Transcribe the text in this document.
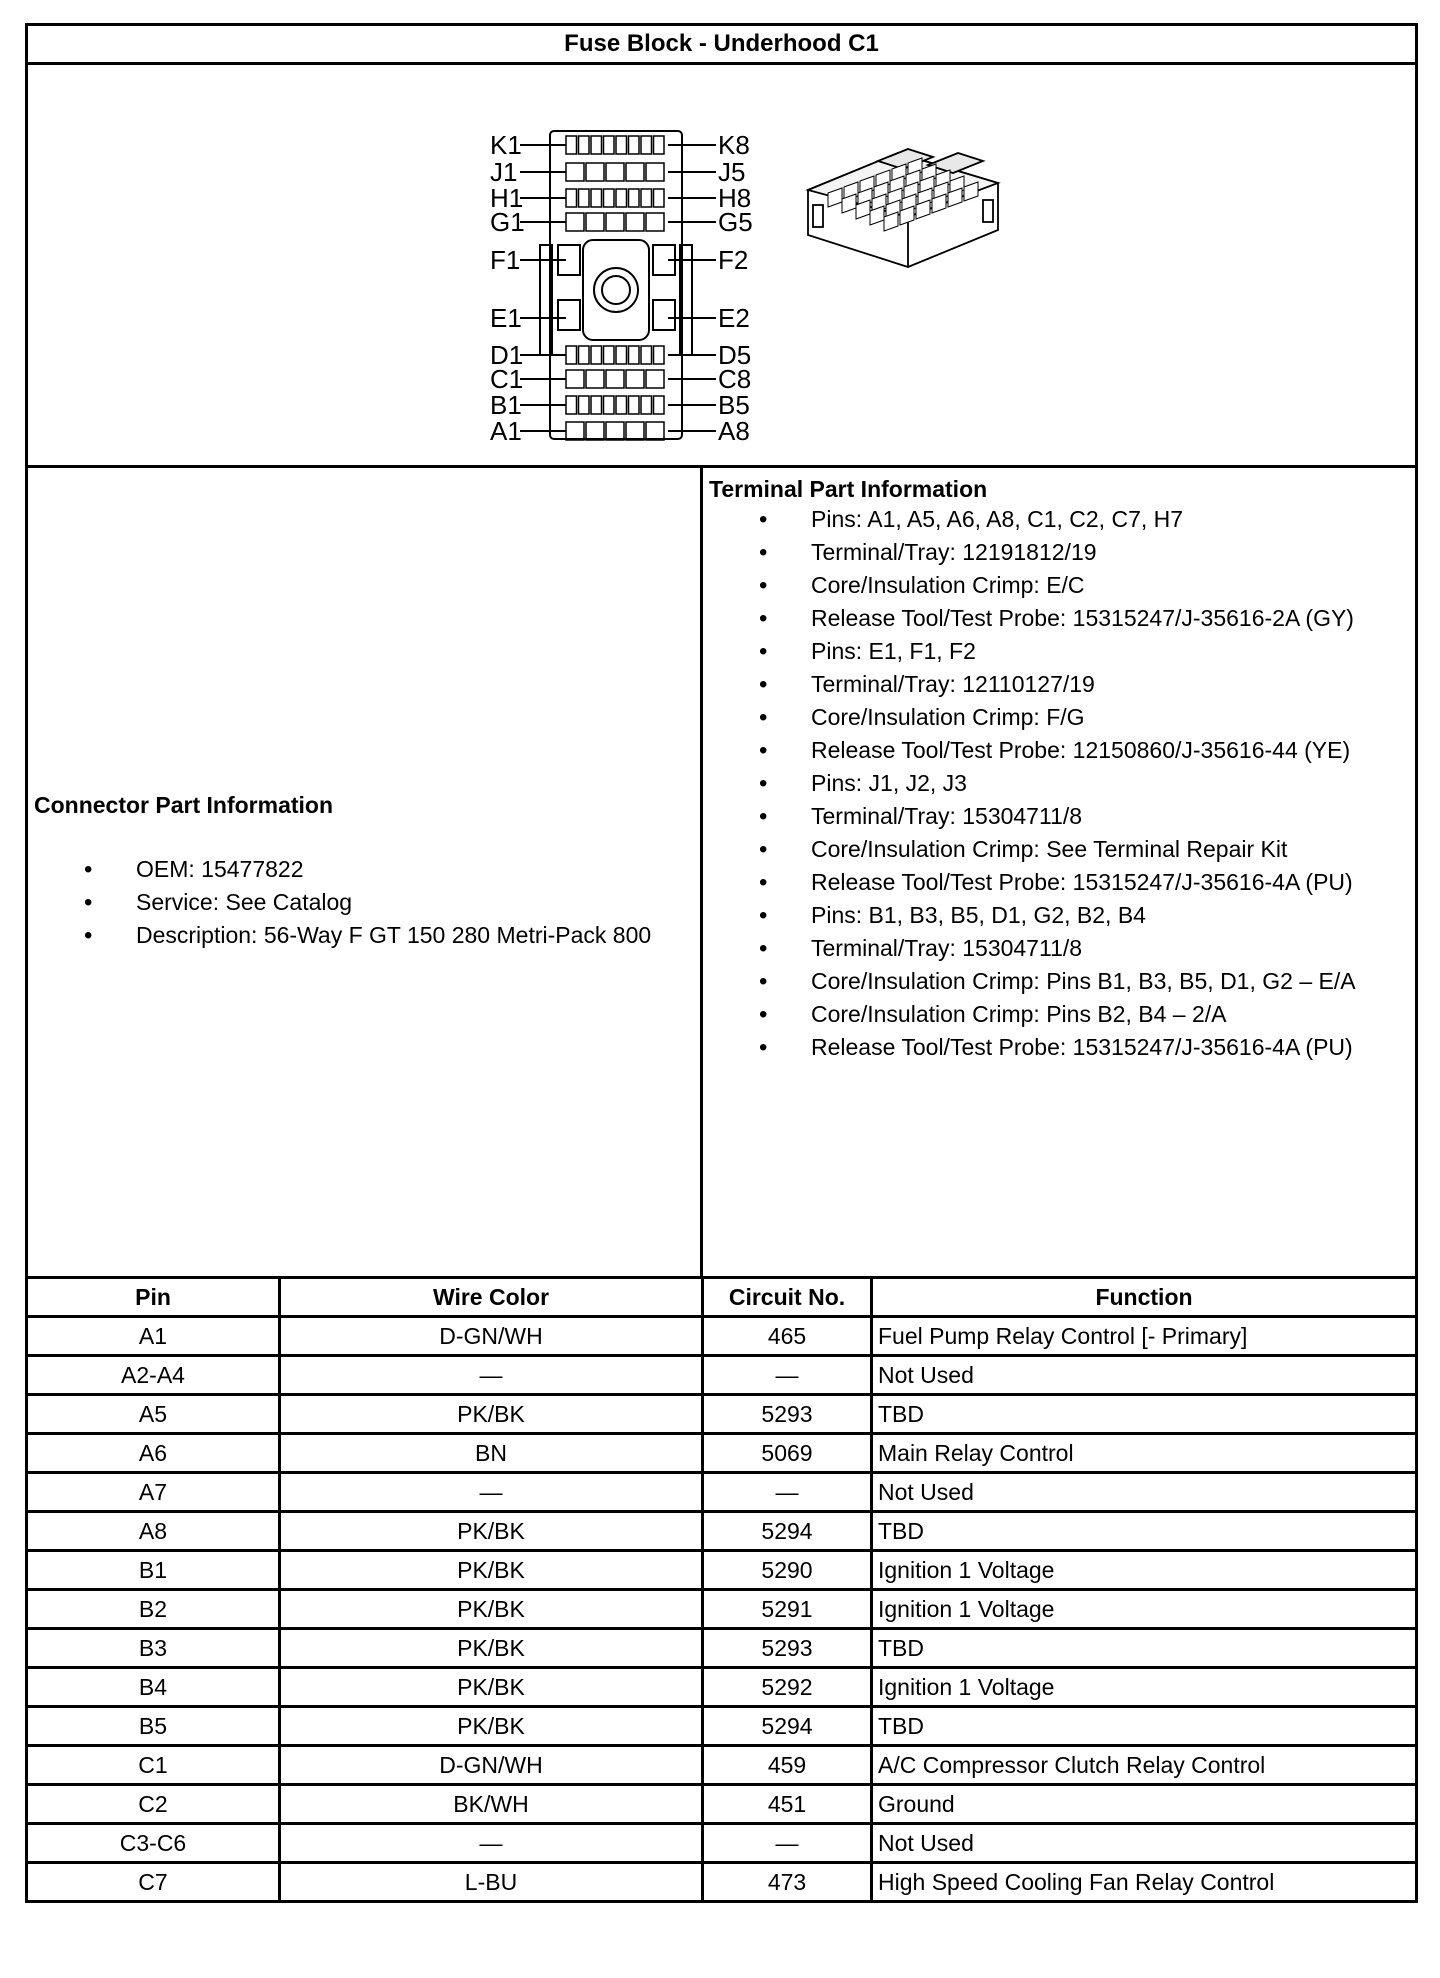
Fuse Block - Underhood C1

K1	K8
J1	J5
H1	H8
G1	G5
F1	F2
E1	E2
D1	D5
C1	C8
B1	B5
A1	A8

Connector Part Information

• OEM: 15477822
• Service: See Catalog
• Description: 56-Way F GT 150 280 Metri-Pack 800

Terminal Part Information

• Pins: A1, A5, A6, A8, C1, C2, C7, H7
• Terminal/Tray: 12191812/19
• Core/Insulation Crimp: E/C
• Release Tool/Test Probe: 15315247/J-35616-2A (GY)
• Pins: E1, F1, F2
• Terminal/Tray: 12110127/19
• Core/Insulation Crimp: F/G
• Release Tool/Test Probe: 12150860/J-35616-44 (YE)
• Pins: J1, J2, J3
• Terminal/Tray: 15304711/8
• Core/Insulation Crimp: See Terminal Repair Kit
• Release Tool/Test Probe: 15315247/J-35616-4A (PU)
• Pins: B1, B3, B5, D1, G2, B2, B4
• Terminal/Tray: 15304711/8
• Core/Insulation Crimp: Pins B1, B3, B5, D1, G2 – E/A
• Core/Insulation Crimp: Pins B2, B4 – 2/A
• Release Tool/Test Probe: 15315247/J-35616-4A (PU)
Pin	Wire Color	Circuit No.	Function
A1	D-GN/WH	465	Fuel Pump Relay Control [- Primary]
A2-A4	—	—	Not Used
A5	PK/BK	5293	TBD
A6	BN	5069	Main Relay Control
A7	—	—	Not Used
A8	PK/BK	5294	TBD
B1	PK/BK	5290	Ignition 1 Voltage
B2	PK/BK	5291	Ignition 1 Voltage
B3	PK/BK	5293	TBD
B4	PK/BK	5292	Ignition 1 Voltage
B5	PK/BK	5294	TBD
C1	D-GN/WH	459	A/C Compressor Clutch Relay Control
C2	BK/WH	451	Ground
C3-C6	—	—	Not Used
C7	L-BU	473	High Speed Cooling Fan Relay Control
